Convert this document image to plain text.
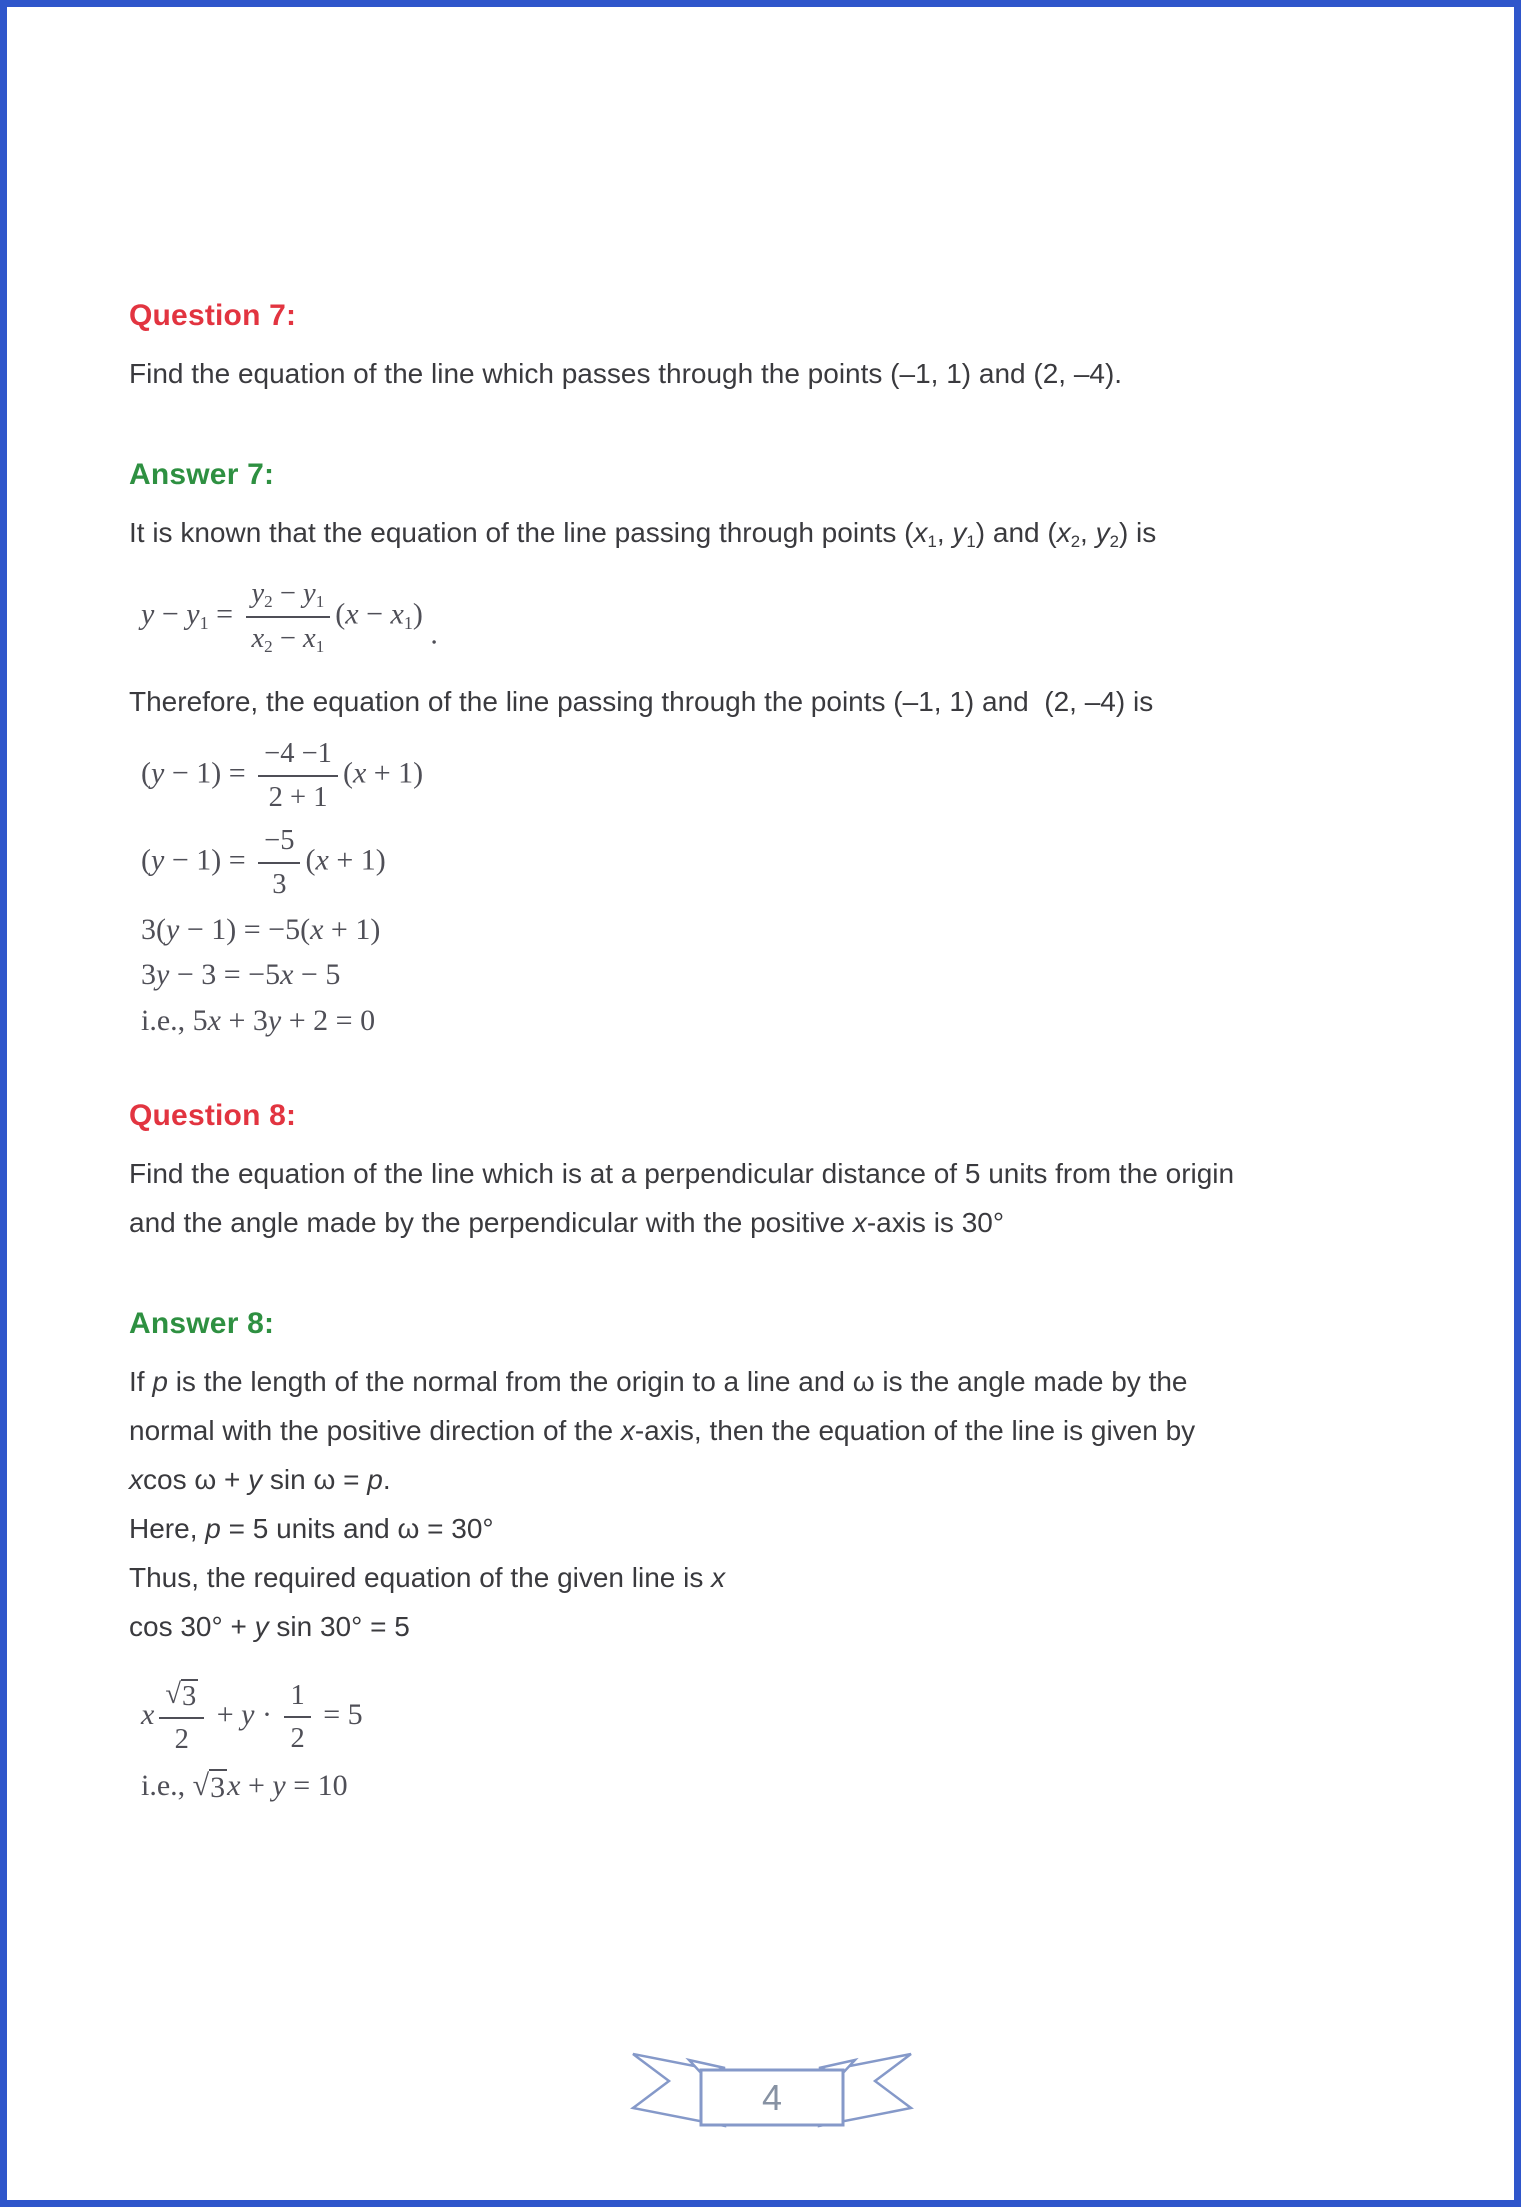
Question 7:

Find the equation of the line which passes through the points (–1, 1) and (2, –4).

Answer 7:

It is known that the equation of the line passing through points ($x_1$, $y_1$) and ($x_2$, $y_2$) is

$y - y_1 = \frac{y_2 - y_1}{x_2 - x_1} (x - x_1)$ .

Therefore, the equation of the line passing through the points (–1, 1) and  (2, –4) is

$(y - 1) = \frac{-4 -1}{2 + 1} (x + 1)$
$(y - 1) = \frac{-5}{3} (x + 1)$
3(y − 1) = −5(x + 1)
3y − 3 = −5x − 5
i.e., 5x + 3y + 2 = 0
Question 8:

Find the equation of the line which is at a perpendicular distance of 5 units from the origin
and the angle made by the perpendicular with the positive x-axis is 30°

Answer 8:

If p is the length of the normal from the origin to a line and ω is the angle made by the
normal with the positive direction of the x-axis, then the equation of the line is given by
xcos ω + y sin ω = p.

Here, p = 5 units and ω = 30°

Thus, the required equation of the given line is x

cos 30° + y sin 30° = 5

x $\frac{√ 3}{2} + y \cdot \frac{1}{2} = 5$
i.e., √ 3 x + y = 10
4
